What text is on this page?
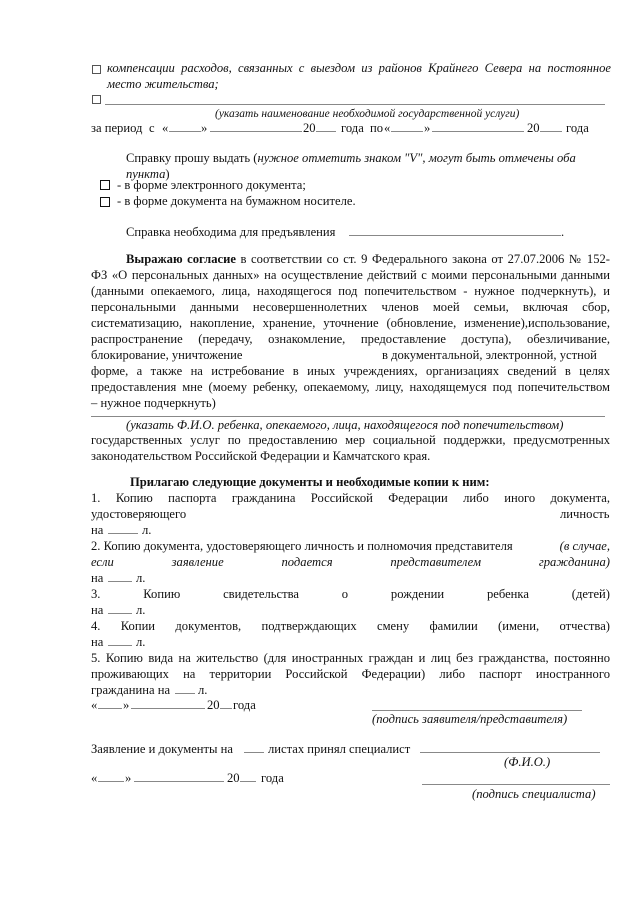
компенсации расходов, связанных с выездом из районов Крайнего Севера на постоянное
место жительства;
(указать наименование необходимой государственной услуги)
за период с «	»	20 года по «	»	20 года
Справку прошу выдать (нужное отметить знаком "V", могут быть отмечены оба
пункта)
- в форме электронного документа;
- в форме документа на бумажном носителе.
Справка необходима для предъявления	.
Выражаю согласие в соответствии со ст. 9 Федерального закона от 27.07.2006 № 152-
ФЗ «О персональных данных» на осуществление действий с моими персональными данными
(данными опекаемого, лица, находящегося под попечительством - нужное подчеркнуть), и
персональными данными несовершеннолетних членов моей семьи, включая сбор,
систематизацию, накопление, хранение, уточнение (обновление, изменение),использование,
распространение (передачу, ознакомление, предоставление доступа), обезличивание,
блокирование, уничтожение	в документальной, электронной, устной
форме, а также на истребование в иных учреждениях, организациях сведений в целях
предоставления мне (моему ребенку, опекаемому, лицу, находящемуся под попечительством
– нужное подчеркнуть)
(указать Ф.И.О. ребенка, опекаемого, лица, находящегося под попечительством)
государственных услуг по предоставлению мер социальной поддержки, предусмотренных
законодательством Российской Федерации и Камчатского края.
Прилагаю следующие документы и необходимые копии к ним:
1. Копию паспорта гражданина Российской Федерации либо иного документа,
удостоверяющего	личность
на	л.
2. Копию документа, удостоверяющего личность и полномочия представителя	(в случае,
если заявление подается представителем гражданина)
на	л.
3. Копию свидетельства о рождении ребенка (детей)
на	л.
4. Копии документов, подтверждающих смену фамилии (имени, отчества)
на	л.
5. Копию вида на жительство (для иностранных граждан и лиц без гражданства, постоянно
проживающих на территории Российской Федерации) либо паспорт иностранного
гражданина на л.
« »	20 года
(подпись заявителя/представителя)
Заявление и документы на	листах принял специалист
(Ф.И.О.)
« »	20 года
(подпись специалиста)
